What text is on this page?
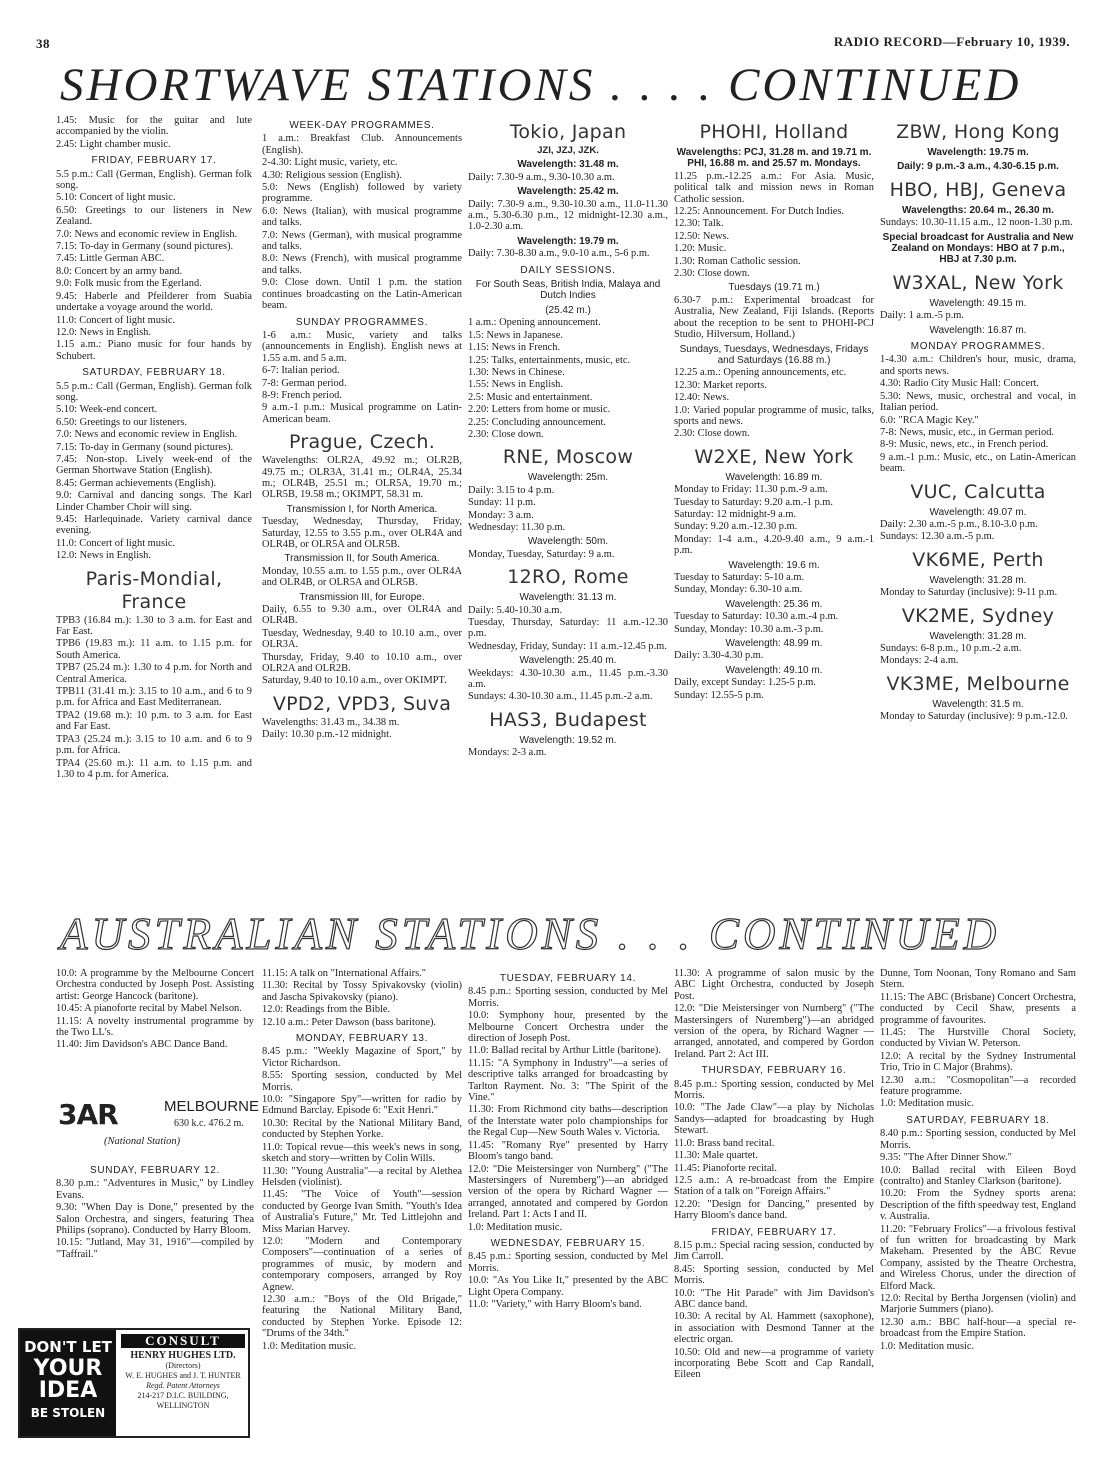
38	RADIO RECORD—February 10, 1939.
SHORTWAVE STATIONS . . . . CONTINUED
1.45: Music for the guitar and lute accompanied by the violin.
2.45: Light chamber music.
FRIDAY, FEBRUARY 17.
5.5 p.m.: Call (German, English). German folk song.
5.10: Concert of light music.
6.50: Greetings to our listeners in New Zealand.
7.0: News and economic review in English.
7.15: To-day in Germany (sound pictures).
7.45: Little German ABC.
8.0: Concert by an army band.
9.0: Folk music from the Egerland.
9.45: Haberle and Pfeilderer from Suabia undertake a voyage around the world.
11.0: Concert of light music.
12.0: News in English.
1.15 a.m.: Piano music for four hands by Schubert.
SATURDAY, FEBRUARY 18.
5.5 p.m.: Call (German, English). German folk song.
5.10: Week-end concert.
6.50: Greetings to our listeners.
7.0: News and economic review in English.
7.15: To-day in Germany (sound pictures).
7.45: Non-stop. Lively week-end of the German Shortwave Station (English).
8.45: German achievements (English).
9.0: Carnival and dancing songs. The Karl Linder Chamber Choir will sing.
9.45: Harlequinade. Variety carnival dance evening.
11.0: Concert of light music.
12.0: News in English.
Paris-Mondial, France
TPB3 (16.84 m.): 1.30 to 3 a.m. for East and Far East.
TPB6 (19.83 m.): 11 a.m. to 1.15 p.m. for South America.
TPB7 (25.24 m.): 1.30 to 4 p.m. for North and Central America.
TPB11 (31.41 m.): 3.15 to 10 a.m., and 6 to 9 p.m. for Africa and East Mediterranean.
TPA2 (19.68 m.): 10 p.m. to 3 a.m. for East and Far East.
TPA3 (25.24 m.): 3.15 to 10 a.m. and 6 to 9 p.m. for Africa.
TPA4 (25.60 m.): 11 a.m. to 1.15 p.m. and 1.30 to 4 p.m. for America.
WEEK-DAY PROGRAMMES.
1 a.m.: Breakfast Club. Announcements (English).
2-4.30: Light music, variety, etc.
4.30: Religious session (English).
5.0: News (English) followed by variety programme.
6.0: News (Italian), with musical programme and talks.
7.0: News (German), with musical programme and talks.
8.0: News (French), with musical programme and talks.
9.0: Close down. Until 1 p.m. the station continues broadcasting on the Latin-American beam.
SUNDAY PROGRAMMES.
1-6 a.m.: Music, variety and talks (announcements in English). English news at 1.55 a.m. and 5 a.m.
6-7: Italian period.
7-8: German period.
8-9: French period.
9 a.m.-1 p.m.: Musical programme on Latin-American beam.
Prague, Czech.
Wavelengths: OLR2A, 49.92 m.; OLR2B, 49.75 m.; OLR3A, 31.41 m.; OLR4A, 25.34 m.; OLR4B, 25.51 m.; OLR5A, 19.70 m.; OLR5B, 19.58 m.; OKIMPT, 58.31 m.
Transmission I, for North America.
Tuesday, Wednesday, Thursday, Friday, Saturday, 12.55 to 3.55 p.m., over OLR4A and OLR4B, or OLR5A and OLR5B.
Transmission II, for South America.
Monday, 10.55 a.m. to 1.55 p.m., over OLR4A and OLR4B, or OLR5A and OLR5B.
Transmission III, for Europe.
Daily, 6.55 to 9.30 a.m., over OLR4A and OLR4B.
Tuesday, Wednesday, 9.40 to 10.10 a.m., over OLR3A.
Thursday, Friday, 9.40 to 10.10 a.m., over OLR2A and OLR2B.
Saturday, 9.40 to 10.10 a.m., over OKIMPT.
VPD2, VPD3, Suva
Wavelengths: 31.43 m., 34.38 m.
Daily: 10.30 p.m.-12 midnight.
Tokio, Japan
JZI, JZJ, JZK.
Wavelength: 31.48 m.
Daily: 7.30-9 a.m., 9.30-10.30 a.m.
Wavelength: 25.42 m.
Daily: 7.30-9 a.m., 9.30-10.30 a.m., 11.0-11.30 a.m., 5.30-6.30 p.m., 12 midnight-12.30 a.m., 1.0-2.30 a.m.
Wavelength: 19.79 m.
Daily: 7.30-8.30 a.m., 9.0-10 a.m., 5-6 p.m.
DAILY SESSIONS.
For South Seas, British India, Malaya and Dutch Indies
(25.42 m.)
1 a.m.: Opening announcement.
1.5: News in Japanese.
1.15: News in French.
1.25: Talks, entertainments, music, etc.
1.30: News in Chinese.
1.55: News in English.
2.5: Music and entertainment.
2.20: Letters from home or music.
2.25: Concluding announcement.
2.30: Close down.
RNE, Moscow
Wavelength: 25m.
Daily: 3.15 to 4 p.m.
Sunday: 11 p.m.
Monday: 3 a.m.
Wednesday: 11.30 p.m.
Wavelength: 50m.
Monday, Tuesday, Saturday: 9 a.m.
12RO, Rome
Wavelength: 31.13 m.
Daily: 5.40-10.30 a.m.
Tuesday, Thursday, Saturday: 11 a.m.-12.30 p.m.
Wednesday, Friday, Sunday: 11 a.m.-12.45 p.m.
Wavelength: 25.40 m.
Weekdays: 4.30-10.30 a.m., 11.45 p.m.-3.30 a.m.
Sundays: 4.30-10.30 a.m., 11.45 p.m.-2 a.m.
HAS3, Budapest
Wavelength: 19.52 m.
Mondays: 2-3 a.m.
PHOHI, Holland
Wavelengths: PCJ, 31.28 m. and 19.71 m. PHI, 16.88 m. and 25.57 m. Mondays.
11.25 p.m.-12.25 a.m.: For Asia. Music, political talk and mission news in Roman Catholic session.
12.25: Announcement. For Dutch Indies.
12.30: Talk.
12.50: News.
1.20: Music.
1.30: Roman Catholic session.
2.30: Close down.
Tuesdays (19.71 m.)
6.30-7 p.m.: Experimental broadcast for Australia, New Zealand, Fiji Islands. (Reports about the reception to be sent to PHOHI-PCJ Studio, Hilversum, Holland.)
Sundays, Tuesdays, Wednesdays, Fridays and Saturdays (16.88 m.)
12.25 a.m.: Opening announcements, etc.
12.30: Market reports.
12.40: News.
1.0: Varied popular programme of music, talks, sports and news.
2.30: Close down.
W2XE, New York
Wavelength: 16.89 m.
Monday to Friday: 11.30 p.m.-9 a.m.
Tuesday to Saturday: 9.20 a.m.-1 p.m.
Saturday: 12 midnight-9 a.m.
Sunday: 9.20 a.m.-12.30 p.m.
Monday: 1-4 a.m., 4.20-9.40 a.m., 9 a.m.-1 p.m.
Wavelength: 19.6 m.
Tuesday to Saturday: 5-10 a.m.
Sunday, Monday: 6.30-10 a.m.
Wavelength: 25.36 m.
Tuesday to Saturday: 10.30 a.m.-4 p.m.
Sunday, Monday: 10.30 a.m.-3 p.m.
Wavelength: 48.99 m.
Daily: 3.30-4.30 p.m.
Wavelength: 49.10 m.
Daily, except Sunday: 1.25-5 p.m.
Sunday: 12.55-5 p.m.
ZBW, Hong Kong
Wavelength: 19.75 m.
Daily: 9 p.m.-3 a.m., 4.30-6.15 p.m.
HBO, HBJ, Geneva
Wavelengths: 20.64 m., 26.30 m.
Sundays: 10.30-11.15 a.m., 12 noon-1.30 p.m.
Special broadcast for Australia and New Zealand on Mondays: HBO at 7 p.m., HBJ at 7.30 p.m.
W3XAL, New York
Wavelength: 49.15 m.
Daily: 1 a.m.-5 p.m.
Wavelength: 16.87 m.
MONDAY PROGRAMMES.
1-4.30 a.m.: Children's hour, music, drama, and sports news.
4.30: Radio City Music Hall: Concert.
5.30: News, music, orchestral and vocal, in Italian period.
6.0: "RCA Magic Key."
7-8: News, music, etc., in German period.
8-9: Music, news, etc., in French period.
9 a.m.-1 p.m.: Music, etc., on Latin-American beam.
VUC, Calcutta
Wavelength: 49.07 m.
Daily: 2.30 a.m.-5 p.m., 8.10-3.0 p.m.
Sundays: 12.30 a.m.-5 p.m.
VK6ME, Perth
Wavelength: 31.28 m.
Monday to Saturday (inclusive): 9-11 p.m.
VK2ME, Sydney
Wavelength: 31.28 m.
Sundays: 6-8 p.m., 10 p.m.-2 a.m.
Mondays: 2-4 a.m.
VK3ME, Melbourne
Wavelength: 31.5 m.
Monday to Saturday (inclusive): 9 p.m.-12.0.
AUSTRALIAN STATIONS . . . CONTINUED
10.0: A programme by the Melbourne Concert Orchestra conducted by Joseph Post. Assisting artist: George Hancock (baritone).
10.45: A pianoforte recital by Mabel Nelson.
11.15: A novelty instrumental programme by the Two LL's.
11.40: Jim Davidson's ABC Dance Band.
3AR	MELBOURNE
630 k.c. 476.2 m.
(National Station)
SUNDAY, FEBRUARY 12.
8.30 p.m.: "Adventures in Music," by Lindley Evans.
9.30: "When Day is Done," presented by the Salon Orchestra, and singers, featuring Thea Philips (soprano). Conducted by Harry Bloom.
10.15: "Jutland, May 31, 1916"—compiled by "Taffrail."
DON'T LET
YOUR
IDEA
BE STOLEN
CONSULT
HENRY HUGHES LTD.
(Directors)
W. E. HUGHES and J. T. HUNTER
Regd. Patent Attorneys
214-217 D.I.C. BUILDING,
WELLINGTON
11.15: A talk on "International Affairs."
11.30: Recital by Tossy Spivakovsky (violin) and Jascha Spivakovsky (piano).
12.0: Readings from the Bible.
12.10 a.m.: Peter Dawson (bass baritone).
MONDAY, FEBRUARY 13.
8.45 p.m.: "Weekly Magazine of Sport," by Victor Richardson.
8.55: Sporting session, conducted by Mel Morris.
10.0: "Singapore Spy"—written for radio by Edmund Barclay. Episode 6: "Exit Henri."
10.30: Recital by the National Military Band, conducted by Stephen Yorke.
11.0: Topical revue—this week's news in song, sketch and story—written by Colin Wills.
11.30: "Young Australia"—a recital by Alethea Helsden (violinist).
11.45: "The Voice of Youth"—session conducted by George Ivan Smith. "Youth's Idea of Australia's Future," Mr. Ted Littlejohn and Miss Marian Harvey.
12.0: "Modern and Contemporary Composers"—continuation of a series of programmes of music, by modern and contemporary composers, arranged by Roy Agnew.
12.30 a.m.: "Boys of the Old Brigade," featuring the National Military Band, conducted by Stephen Yorke. Episode 12: "Drums of the 34th."
1.0: Meditation music.
TUESDAY, FEBRUARY 14.
8.45 p.m.: Sporting session, conducted by Mel Morris.
10.0: Symphony hour, presented by the Melbourne Concert Orchestra under the direction of Joseph Post.
11.0: Ballad recital by Arthur Little (baritone).
11.15: "A Symphony in Industry"—a series of descriptive talks arranged for broadcasting by Tarlton Rayment. No. 3: "The Spirit of the Vine."
11.30: From Richmond city baths—description of the Interstate water polo championships for the Regal Cup—New South Wales v. Victoria.
11.45: "Romany Rye" presented by Harry Bloom's tango band.
12.0: "Die Meistersinger von Nurnberg" ("The Mastersingers of Nuremberg")—an abridged version of the opera by Richard Wagner — arranged, annotated and compered by Gordon Ireland. Part 1: Acts I and II.
1.0: Meditation music.
WEDNESDAY, FEBRUARY 15.
8.45 p.m.: Sporting session, conducted by Mel Morris.
10.0: "As You Like It," presented by the ABC Light Opera Company.
11.0: "Variety," with Harry Bloom's band.
11.30: A programme of salon music by the ABC Light Orchestra, conducted by Joseph Post.
12.0: "Die Meistersinger von Nurnberg" ("The Mastersingers of Nuremberg")—an abridged version of the opera, by Richard Wagner — arranged, annotated, and compered by Gordon Ireland. Part 2: Act III.
THURSDAY, FEBRUARY 16.
8.45 p.m.: Sporting session, conducted by Mel Morris.
10.0: "The Jade Claw"—a play by Nicholas Sandys—adapted for broadcasting by Hugh Stewart.
11.0: Brass band recital.
11.30: Male quartet.
11.45: Pianoforte recital.
12.5 a.m.: A re-broadcast from the Empire Station of a talk on "Foreign Affairs."
12.20: "Design for Dancing," presented by Harry Bloom's dance band.
FRIDAY, FEBRUARY 17.
8.15 p.m.: Special racing session, conducted by Jim Carroll.
8.45: Sporting session, conducted by Mel Morris.
10.0: "The Hit Parade" with Jim Davidson's ABC dance band.
10.30: A recital by Al. Hammett (saxophone), in association with Desmond Tanner at the electric organ.
10.50: Old and new—a programme of variety incorporating Bebe Scott and Cap Randall, Eileen
Dunne, Tom Noonan, Tony Romano and Sam Stern.
11.15: The ABC (Brisbane) Concert Orchestra, conducted by Cecil Shaw, presents a programme of favourites.
11.45: The Hurstville Choral Society, conducted by Vivian W. Peterson.
12.0: A recital by the Sydney Instrumental Trio, Trio in C Major (Brahms).
12.30 a.m.: "Cosmopolitan"—a recorded feature programme.
1.0: Meditation music.
SATURDAY, FEBRUARY 18.
8.40 p.m.: Sporting session, conducted by Mel Morris.
9.35: "The After Dinner Show."
10.0: Ballad recital with Eileen Boyd (contralto) and Stanley Clarkson (baritone).
10.20: From the Sydney sports arena: Description of the fifth speedway test, England v. Australia.
11.20: "February Frolics"—a frivolous festival of fun written for broadcasting by Mark Makeham. Presented by the ABC Revue Company, assisted by the Theatre Orchestra, and Wireless Chorus, under the direction of Elford Mack.
12.0: Recital by Bertha Jorgensen (violin) and Marjorie Summers (piano).
12.30 a.m.: BBC half-hour—a special re-broadcast from the Empire Station.
1.0: Meditation music.
